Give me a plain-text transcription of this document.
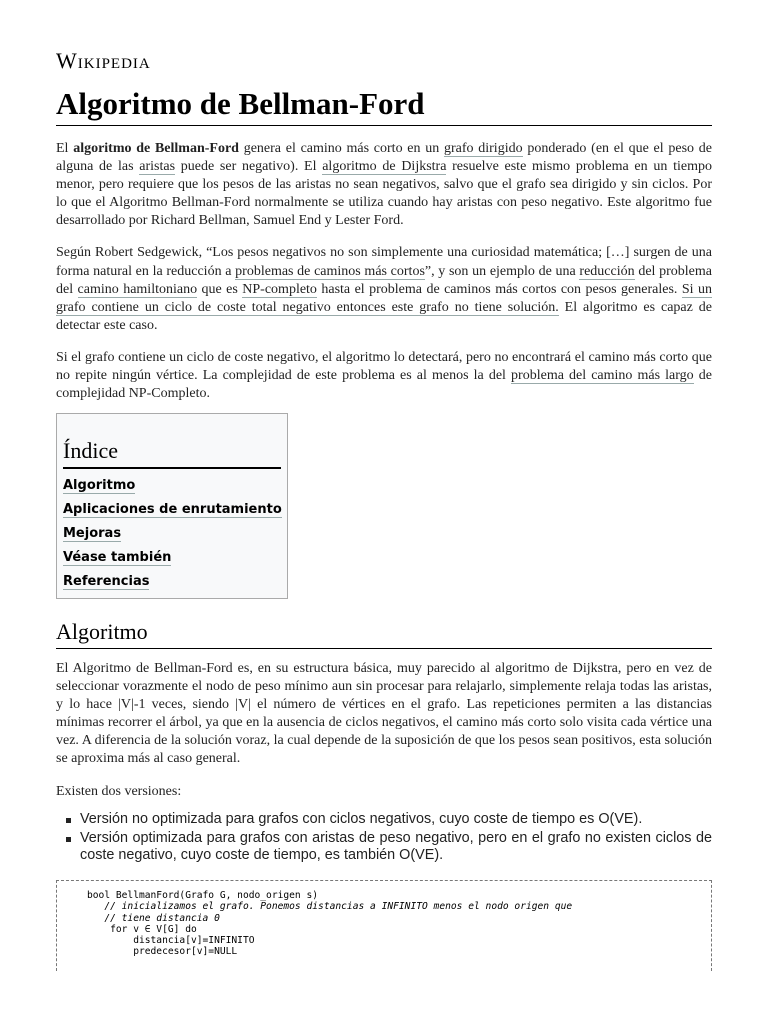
Wikipedia
Algoritmo de Bellman-Ford

El algoritmo de Bellman-Ford genera el camino más corto en un grafo dirigido ponderado (en el que el peso de alguna de las aristas puede ser negativo). El algoritmo de Dijkstra resuelve este mismo problema en un tiempo menor, pero requiere que los pesos de las aristas no sean negativos, salvo que el grafo sea dirigido y sin ciclos. Por lo que el Algoritmo Bellman-Ford normalmente se utiliza cuando hay aristas con peso negativo. Este algoritmo fue desarrollado por Richard Bellman, Samuel End y Lester Ford.

Según Robert Sedgewick, “Los pesos negativos no son simplemente una curiosidad matemática; […] surgen de una forma natural en la reducción a problemas de caminos más cortos”, y son un ejemplo de una reducción del problema del camino hamiltoniano que es NP-completo hasta el problema de caminos más cortos con pesos generales. Si un grafo contiene un ciclo de coste total negativo entonces este grafo no tiene solución. El algoritmo es capaz de detectar este caso.

Si el grafo contiene un ciclo de coste negativo, el algoritmo lo detectará, pero no encontrará el camino más corto que no repite ningún vértice. La complejidad de este problema es al menos la del problema del camino más largo de complejidad NP-Completo.

Índice
Algoritmo
Aplicaciones de enrutamiento
Mejoras
Véase también
Referencias
Algoritmo

El Algoritmo de Bellman-Ford es, en su estructura básica, muy parecido al algoritmo de Dijkstra, pero en vez de seleccionar vorazmente el nodo de peso mínimo aun sin procesar para relajarlo, simplemente relaja todas las aristas, y lo hace |V|-1 veces, siendo |V| el número de vértices en el grafo. Las repeticiones permiten a las distancias mínimas recorrer el árbol, ya que en la ausencia de ciclos negativos, el camino más corto solo visita cada vértice una vez. A diferencia de la solución voraz, la cual depende de la suposición de que los pesos sean positivos, esta solución se aproxima más al caso general.

Existen dos versiones:

Versión no optimizada para grafos con ciclos negativos, cuyo coste de tiempo es O(VE).
Versión optimizada para grafos con aristas de peso negativo, pero en el grafo no existen ciclos de coste negativo, cuyo coste de tiempo, es también O(VE).
bool BellmanFord(Grafo G, nodo_origen s)
// inicializamos el grafo. Ponemos distancias a INFINITO menos el nodo origen que
// tiene distancia 0
for v ∈ V[G] do
distancia[v]=INFINITO
predecesor[v]=NULL
